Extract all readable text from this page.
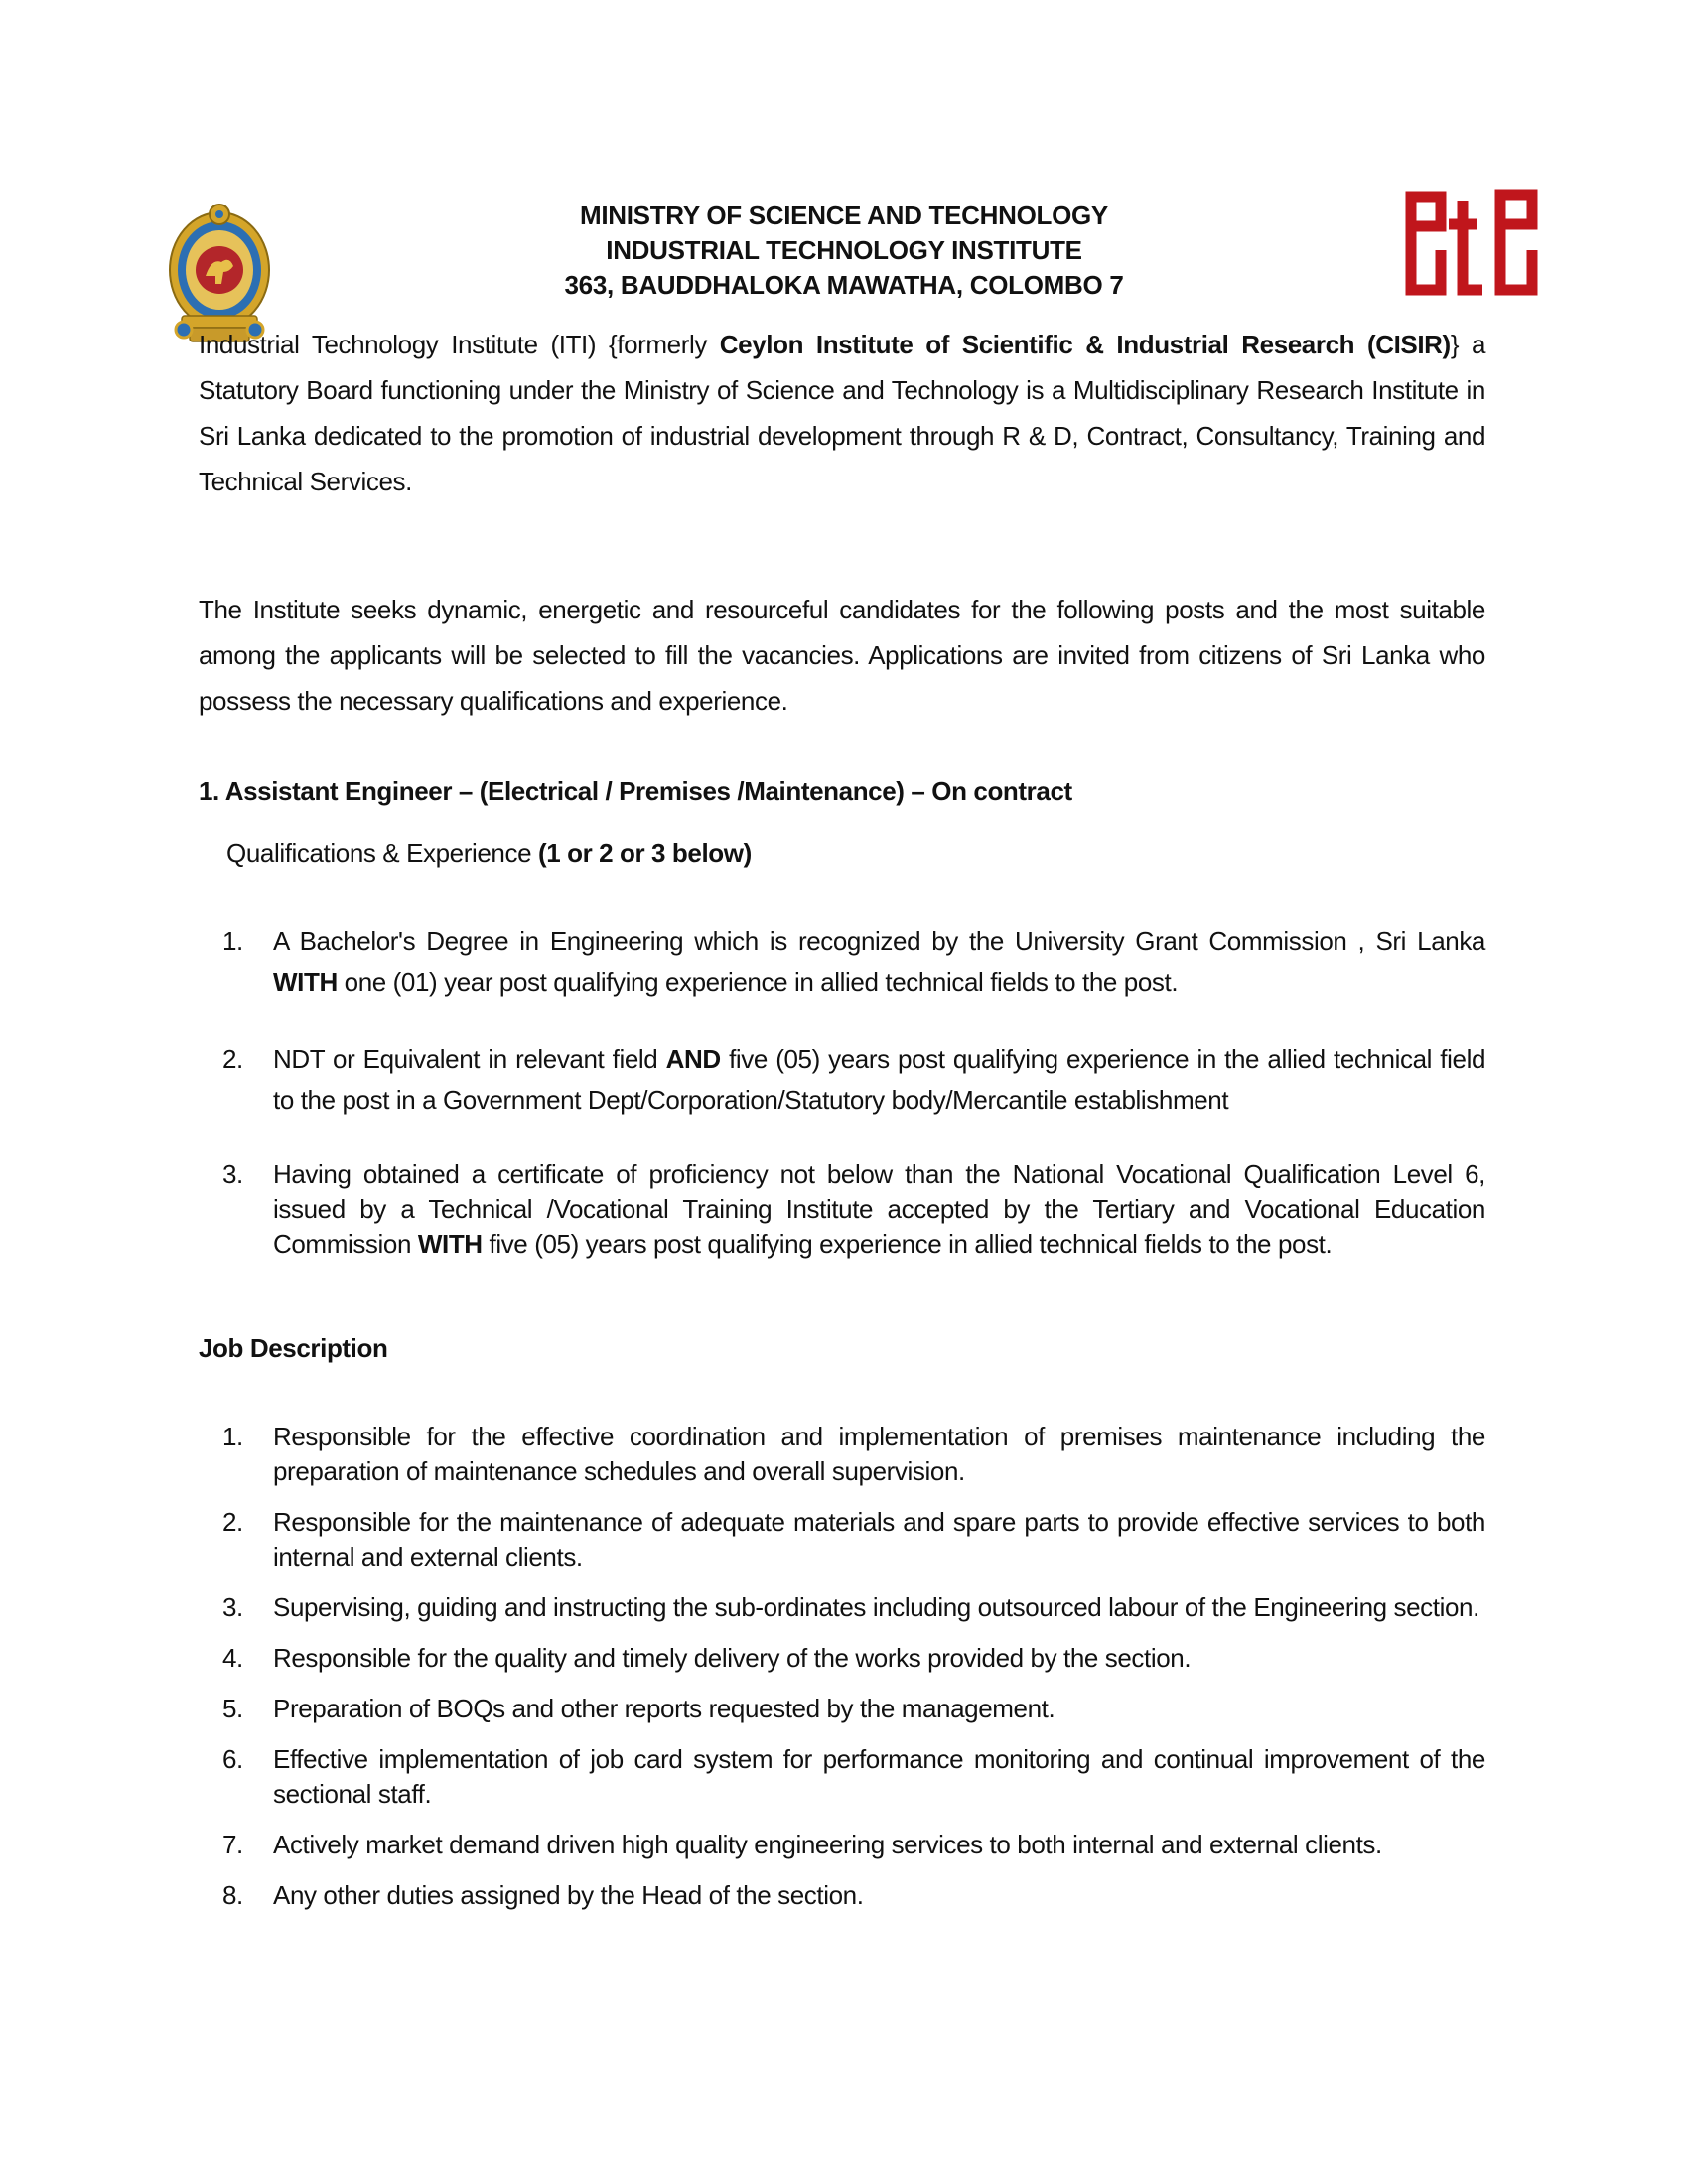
MINISTRY OF SCIENCE AND TECHNOLOGY
INDUSTRIAL TECHNOLOGY INSTITUTE
363, BAUDDHALOKA MAWATHA, COLOMBO 7
Industrial Technology Institute (ITI) {formerly Ceylon Institute of Scientific & Industrial Research (CISIR)} a Statutory Board functioning under the Ministry of Science and Technology is a Multidisciplinary Research Institute in Sri Lanka dedicated to the promotion of industrial development through R & D, Contract, Consultancy, Training and Technical Services.
The Institute seeks dynamic, energetic and resourceful candidates for the following posts and the most suitable among the applicants will be selected to fill the vacancies. Applications are invited from citizens of Sri Lanka who possess the necessary qualifications and experience.
1. Assistant Engineer – (Electrical / Premises /Maintenance) – On contract
Qualifications & Experience (1 or 2 or 3 below)
1. A Bachelor's Degree in Engineering which is recognized by the University Grant Commission , Sri Lanka WITH one (01) year post qualifying experience in allied technical fields to the post.
2. NDT or Equivalent in relevant field AND five (05) years post qualifying experience in the allied technical field to the post in a Government Dept/Corporation/Statutory body/Mercantile establishment
3. Having obtained a certificate of proficiency not below than the National Vocational Qualification Level 6, issued by a Technical /Vocational Training Institute accepted by the Tertiary and Vocational Education Commission WITH five (05) years post qualifying experience in allied technical fields to the post.
Job Description
1. Responsible for the effective coordination and implementation of premises maintenance including the preparation of maintenance schedules and overall supervision.
2. Responsible for the maintenance of adequate materials and spare parts to provide effective services to both internal and external clients.
3. Supervising, guiding and instructing the sub-ordinates including outsourced labour of the Engineering section.
4. Responsible for the quality and timely delivery of the works provided by the section.
5. Preparation of BOQs and other reports requested by the management.
6. Effective implementation of job card system for performance monitoring and continual improvement of the sectional staff.
7. Actively market demand driven high quality engineering services to both internal and external clients.
8. Any other duties assigned by the Head of the section.
